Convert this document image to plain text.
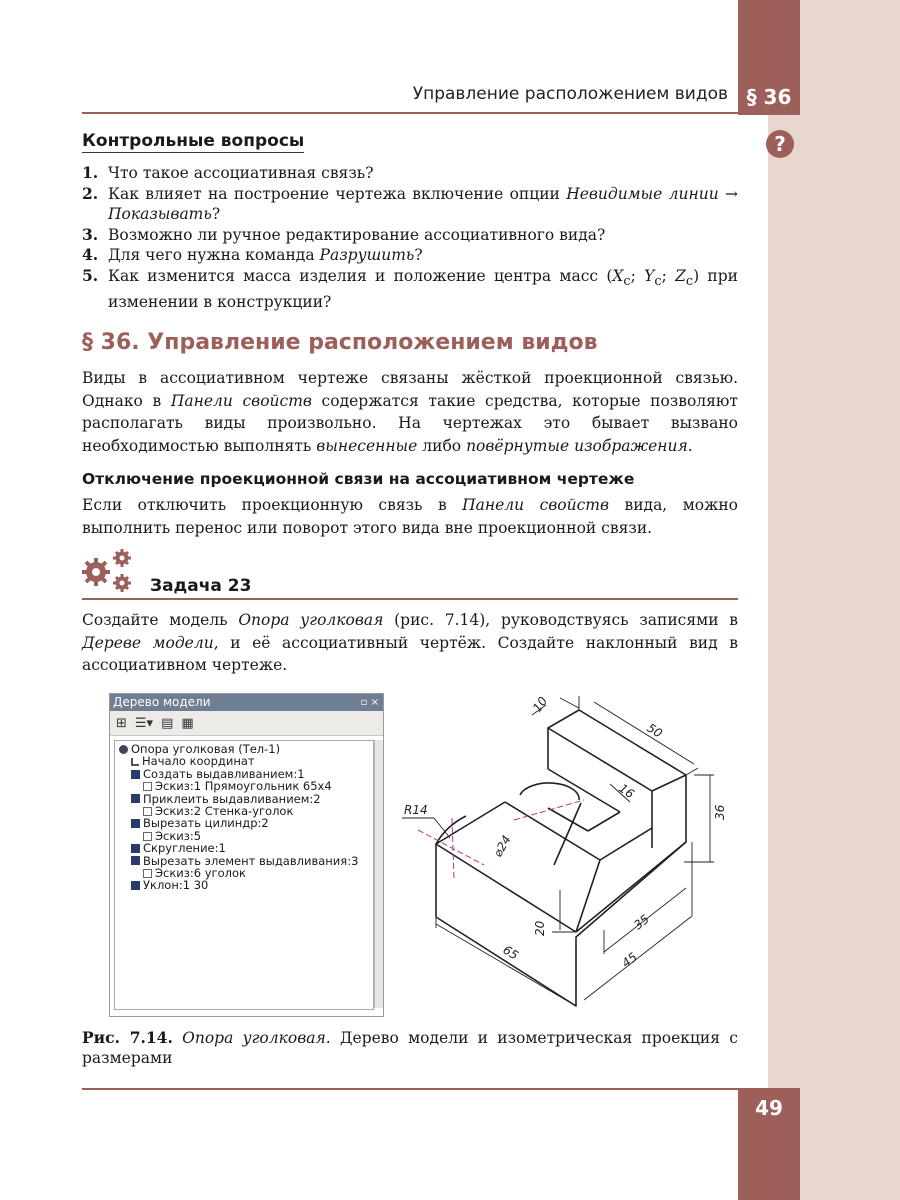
§ 36
Управление расположением видов
?
Контрольные вопросы
1. Что такое ассоциативная связь?
2. Как влияет на построение чертежа включение опции Невидимые линии → Показывать?
3. Возможно ли ручное редактирование ассоциативного вида?
4. Для чего нужна команда Разрушить?
5. Как изменится масса изделия и положение центра масс ($X_c$; $Y_c$; $Z_c$) при изменении в конструкции?
§ 36. Управление расположением видов
Виды в ассоциативном чертеже связаны жёсткой проекционной связью. Однако в Панели свойств содержатся такие средства, которые позволяют располагать виды произвольно. На чертежах это бывает вызвано необходимостью выполнять вынесенные либо повёрнутые изображения.
Отключение проекционной связи на ассоциативном чертеже
Если отключить проекционную связь в Панели свойств вида, можно выполнить перенос или поворот этого вида вне проекционной связи.
Задача 23
Создайте модель Опора уголковая (рис. 7.14), руководствуясь записями в Дереве модели, и её ассоциативный чертёж. Создайте наклонный вид в ассоциативном чертеже.
Дерево модели	▫ ×
⊞ ☰▾ ▤ ▦
Опора уголковая (Тел-1)
Начало координат
Создать выдавливанием:1
Эскиз:1 Прямоугольник 65x4
Приклеить выдавливанием:2
Эскиз:2 Стенка-уголок
Вырезать цилиндр:2
Эскиз:5
Скругление:1
Вырезать элемент выдавливания:3
Эскиз:6 уголок
Уклон:1 30
10
50
16
36
R14
⌀24
20	35
65	45
Рис. 7.14. Опора уголковая. Дерево модели и изометрическая проекция с размерами
49
